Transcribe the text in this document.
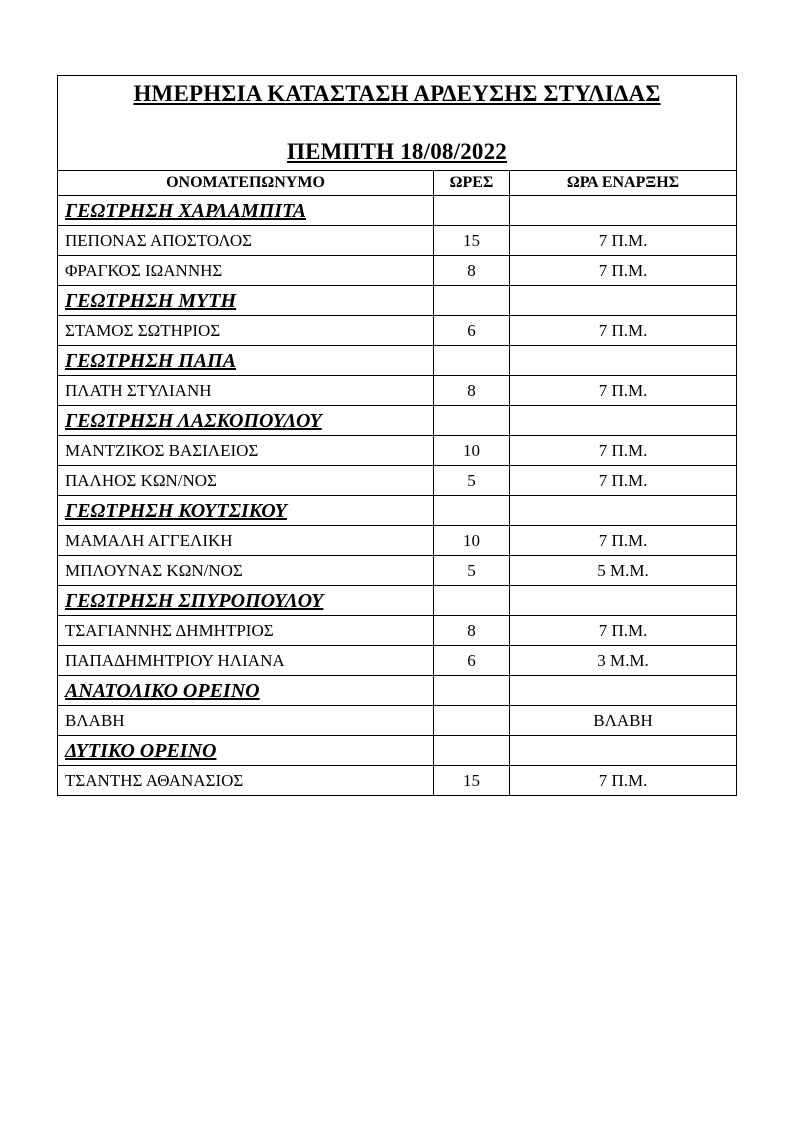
ΗΜΕΡΗΣΙΑ ΚΑΤΑΣΤΑΣΗ ΑΡΔΕΥΣΗΣ ΣΤΥΛΙΔΑΣ
ΠΕΜΠΤΗ 18/08/2022		

ΟΝΟΜΑΤΕΠΩΝΥΜΟ	ΩΡΕΣ	ΩΡΑ ΕΝΑΡΞΗΣ
ΓΕΩΤΡΗΣΗ ΧΑΡΛΑΜΠΙΤΑ		
ΠΕΠΟΝΑΣ ΑΠΟΣΤΟΛΟΣ	15	7 Π.Μ.
ΦΡΑΓΚΟΣ ΙΩΑΝΝΗΣ	8	7 Π.Μ.
ΓΕΩΤΡΗΣΗ ΜΥΤΗ		
ΣΤΑΜΟΣ ΣΩΤΗΡΙΟΣ	6	7 Π.Μ.
ΓΕΩΤΡΗΣΗ ΠΑΠΑ		
ΠΛΑΤΗ ΣΤΥΛΙΑΝΗ	8	7 Π.Μ.
ΓΕΩΤΡΗΣΗ ΛΑΣΚΟΠΟΥΛΟΥ		
ΜΑΝΤΖΙΚΟΣ ΒΑΣΙΛΕΙΟΣ	10	7 Π.Μ.
ΠΑΛΗΟΣ ΚΩΝ/ΝΟΣ	5	7 Π.Μ.
ΓΕΩΤΡΗΣΗ ΚΟΥΤΣΙΚΟΥ		
ΜΑΜΑΛΗ ΑΓΓΕΛΙΚΗ	10	7 Π.Μ.
ΜΠΛΟΥΝΑΣ ΚΩΝ/ΝΟΣ	5	5 Μ.Μ.
ΓΕΩΤΡΗΣΗ ΣΠΥΡΟΠΟΥΛΟΥ		
ΤΣΑΓΙΑΝΝΗΣ ΔΗΜΗΤΡΙΟΣ	8	7 Π.Μ.
ΠΑΠΑΔΗΜΗΤΡΙΟΥ ΗΛΙΑΝΑ	6	3 Μ.Μ.
ΑΝΑΤΟΛΙΚΟ ΟΡΕΙΝΟ		
ΒΛΑΒΗ		ΒΛΑΒΗ
ΔΥΤΙΚΟ ΟΡΕΙΝΟ		
ΤΣΑΝΤΗΣ ΑΘΑΝΑΣΙΟΣ	15	7 Π.Μ.
